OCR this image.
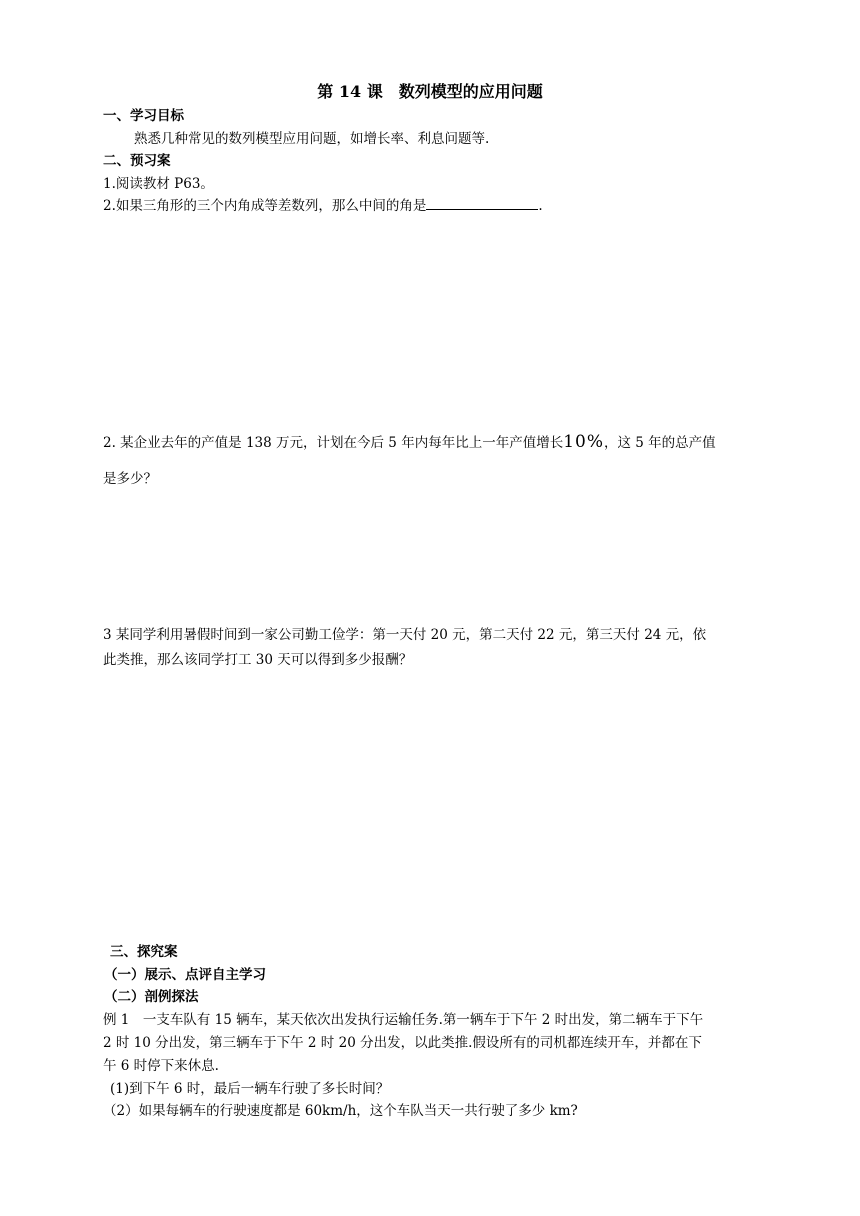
第 14 课　数列模型的应用问题
一、学习目标
熟悉几种常见的数列模型应用问题，如增长率、利息问题等.
二、预习案
1.阅读教材 P63。
2.如果三角形的三个内角成等差数列，那么中间的角是	.
2. 某企业去年的产值是 138 万元，计划在今后 5 年内每年比上一年产值增长10%，这 5 年的总产值
是多少？
3 某同学利用暑假时间到一家公司勤工俭学：第一天付 20 元，第二天付 22 元，第三天付 24 元，依
此类推，那么该同学打工 30 天可以得到多少报酬？
三、探究案
（一）展示、点评自主学习
（二）剖例探法
例 1　一支车队有 15 辆车，某天依次出发执行运输任务.第一辆车于下午 2 时出发，第二辆车于下午
2 时 10 分出发，第三辆车于下午 2 时 20 分出发，以此类推.假设所有的司机都连续开车，并都在下
午 6 时停下来休息.
(1)到下午 6 时，最后一辆车行驶了多长时间？
（2）如果每辆车的行驶速度都是 60km/h，这个车队当天一共行驶了多少 km?
